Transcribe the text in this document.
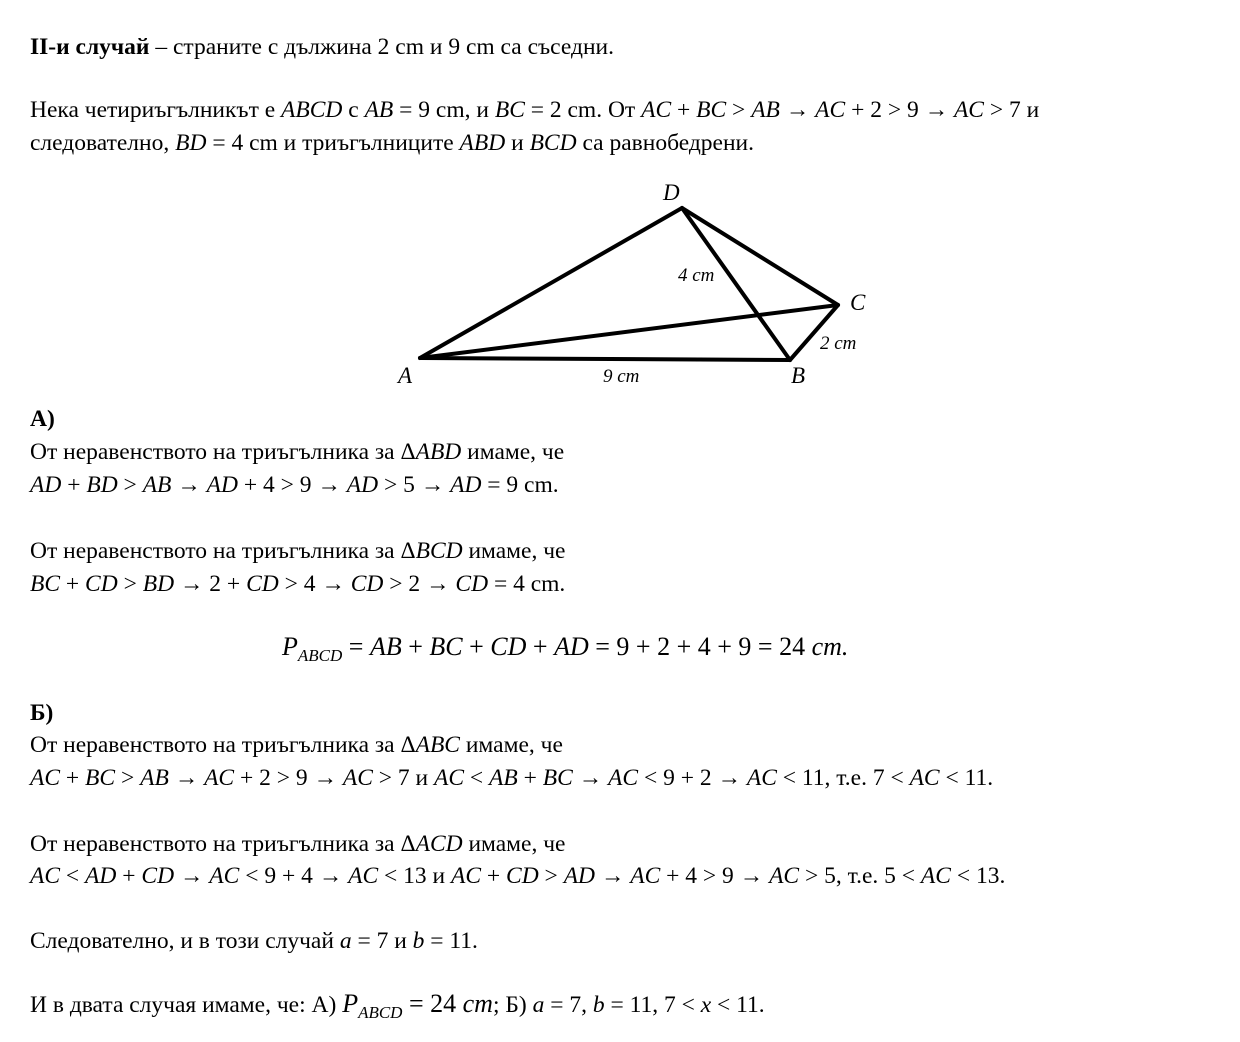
II-и случай – страните с дължина 2 cm и 9 cm са съседни.
Нека четириъгълникът е ABCD с AB = 9 cm, и BC = 2 cm. От AC + BC > AB → AC + 2 > 9 → AC > 7 и
следователно, BD = 4 cm и триъгълниците ABD и BCD са равнобедрени.
А)
От неравенството на триъгълника за ΔABD имаме, че
AD + BD > AB → AD + 4 > 9 → AD > 5 → AD = 9 cm.
От неравенството на триъгълника за ΔBCD имаме, че
BC + CD > BD → 2 + CD > 4 → CD > 2 → CD = 4 cm.
$P_{ABCD}$ = AB + BC + CD + AD = 9 + 2 + 4 + 9 = 24 cm.
Б)
От неравенството на триъгълника за ΔABC имаме, че
AC + BC > AB → AC + 2 > 9 → AC > 7 и AC < AB + BC → AC < 9 + 2 → AC < 11, т.е. 7 < AC < 11.
От неравенството на триъгълника за ΔACD имаме, че
AC < AD + CD → AC < 9 + 4 → AC < 13 и AC + CD > AD → AC + 4 > 9 → AC > 5, т.е. 5 < AC < 13.
Следователно, и в този случай a = 7 и b = 11.
И в двата случая имаме, че: А) $P_{ABCD} = 24$ cm; Б) a = 7, b = 11, 7 < x < 11.
A	B
C
D
9 cm
4 cm
2 cm
